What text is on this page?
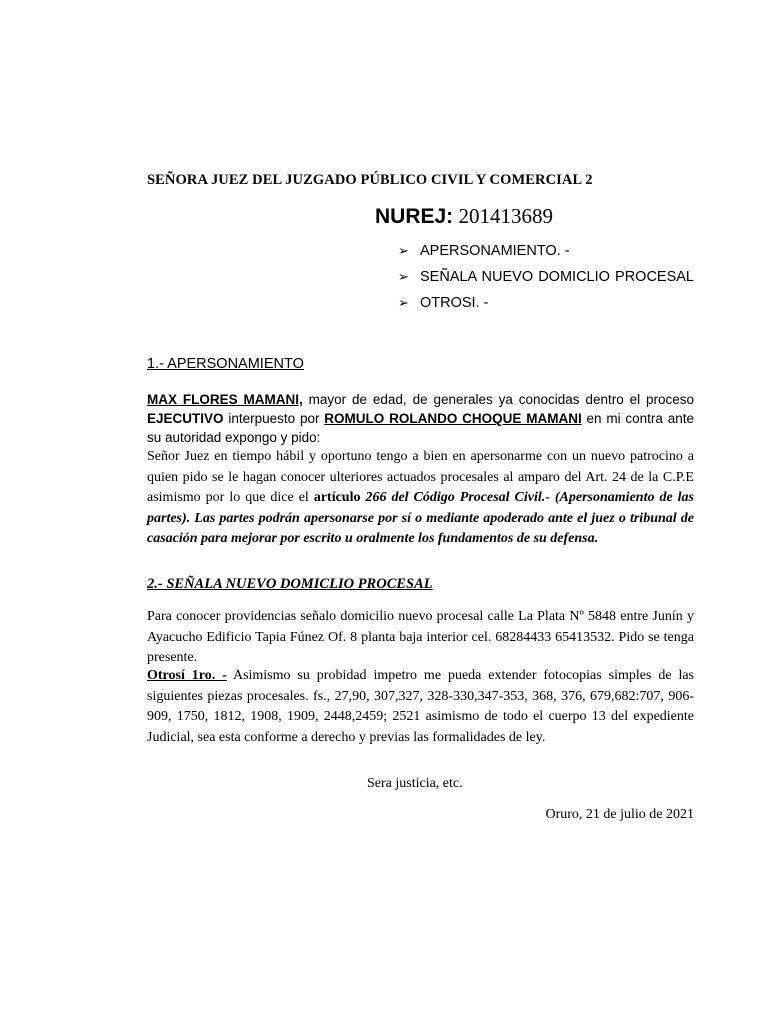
SEÑORA JUEZ DEL JUZGADO PÚBLICO CIVIL Y COMERCIAL 2
NUREJ: 201413689
➢ APERSONAMIENTO. -
➢ SEÑALA NUEVO DOMICLIO PROCESAL
➢ OTROSI. -
1.- APERSONAMIENTO
MAX FLORES MAMANI, mayor de edad, de generales ya conocidas dentro el proceso EJECUTIVO interpuesto por ROMULO ROLANDO CHOQUE MAMANI en mi contra ante su autoridad expongo y pido:
Señor Juez en tiempo hábil y oportuno tengo a bien en apersonarme con un nuevo patrocino a quien pido se le hagan conocer ulteriores actuados procesales al amparo del Art. 24 de la C.P.E asimismo por lo que dice el artículo 266 del Código Procesal Civil.- (Apersonamiento de las partes). Las partes podrán apersonarse por sí o mediante apoderado ante el juez o tribunal de casación para mejorar por escrito u oralmente los fundamentos de su defensa.
2.- SEÑALA NUEVO DOMICLIO PROCESAL
Para conocer providencias señalo domicilio nuevo procesal calle La Plata Nº 5848 entre Junín y Ayacucho Edificio Tapia Fúnez Of. 8 planta baja interior cel. 68284433 65413532. Pido se tenga presente.
Otrosí 1ro. - Asimismo su probidad impetro me pueda extender fotocopias simples de las siguientes piezas procesales. fs., 27,90, 307,327, 328-330,347-353, 368, 376, 679,682:707, 906-909, 1750, 1812, 1908, 1909, 2448,2459; 2521 asimismo de todo el cuerpo 13 del expediente Judicial, sea esta conforme a derecho y previas las formalidades de ley.
Sera justicia, etc.
Oruro, 21 de julio de 2021
